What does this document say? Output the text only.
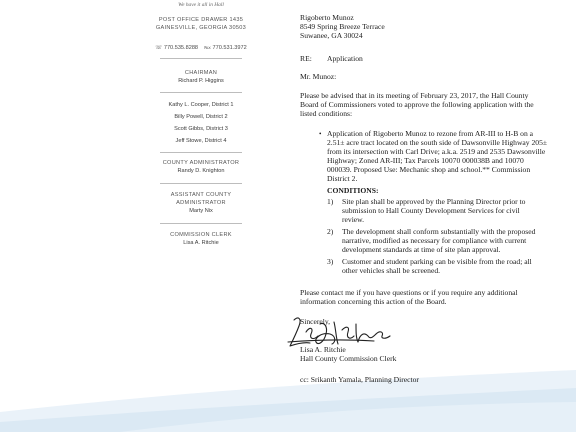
We have it all in Hall
POST OFFICE DRAWER 1435
GAINESVILLE, GEORGIA 30503
☏ 770.535.8288 ℻ 770.531.3972
CHAIRMAN
Richard P. Higgins
Kathy L. Cooper, District 1
Billy Powell, District 2
Scott Gibbs, District 3
Jeff Stowe, District 4
COUNTY ADMINISTRATOR
Randy D. Knighton
ASSISTANT COUNTY
ADMINISTRATOR
Marty Nix
COMMISSION CLERK
Lisa A. Ritchie
Rigoberto Munoz
8549 Spring Breeze Terrace
Suwanee, GA 30024
RE: Application
Mr. Munoz:
Please be advised that in its meeting of February 23, 2017, the Hall County
Board of Commissioners voted to approve the following application with the
listed conditions:
• Application of Rigoberto Munoz to rezone from AR-III to H-B on a
2.51± acre tract located on the south side of Dawsonville Highway 205±
from its intersection with Carl Drive; a.k.a. 2519 and 2535 Dawsonville
Highway; Zoned AR-III; Tax Parcels 10070 000038B and 10070
000039. Proposed Use: Mechanic shop and school.** Commission
District 2.
CONDITIONS:
1) Site plan shall be approved by the Planning Director prior to
submission to Hall County Development Services for civil
review.
2) The development shall conform substantially with the proposed
narrative, modified as necessary for compliance with current
development standards at time of site plan approval.
3) Customer and student parking can be visible from the road; all
other vehicles shall be screened.
Please contact me if you have questions or if you require any additional
information concerning this action of the Board.
Sincerely,
Lisa A. Ritchie
Hall County Commission Clerk
cc: Srikanth Yamala, Planning Director
